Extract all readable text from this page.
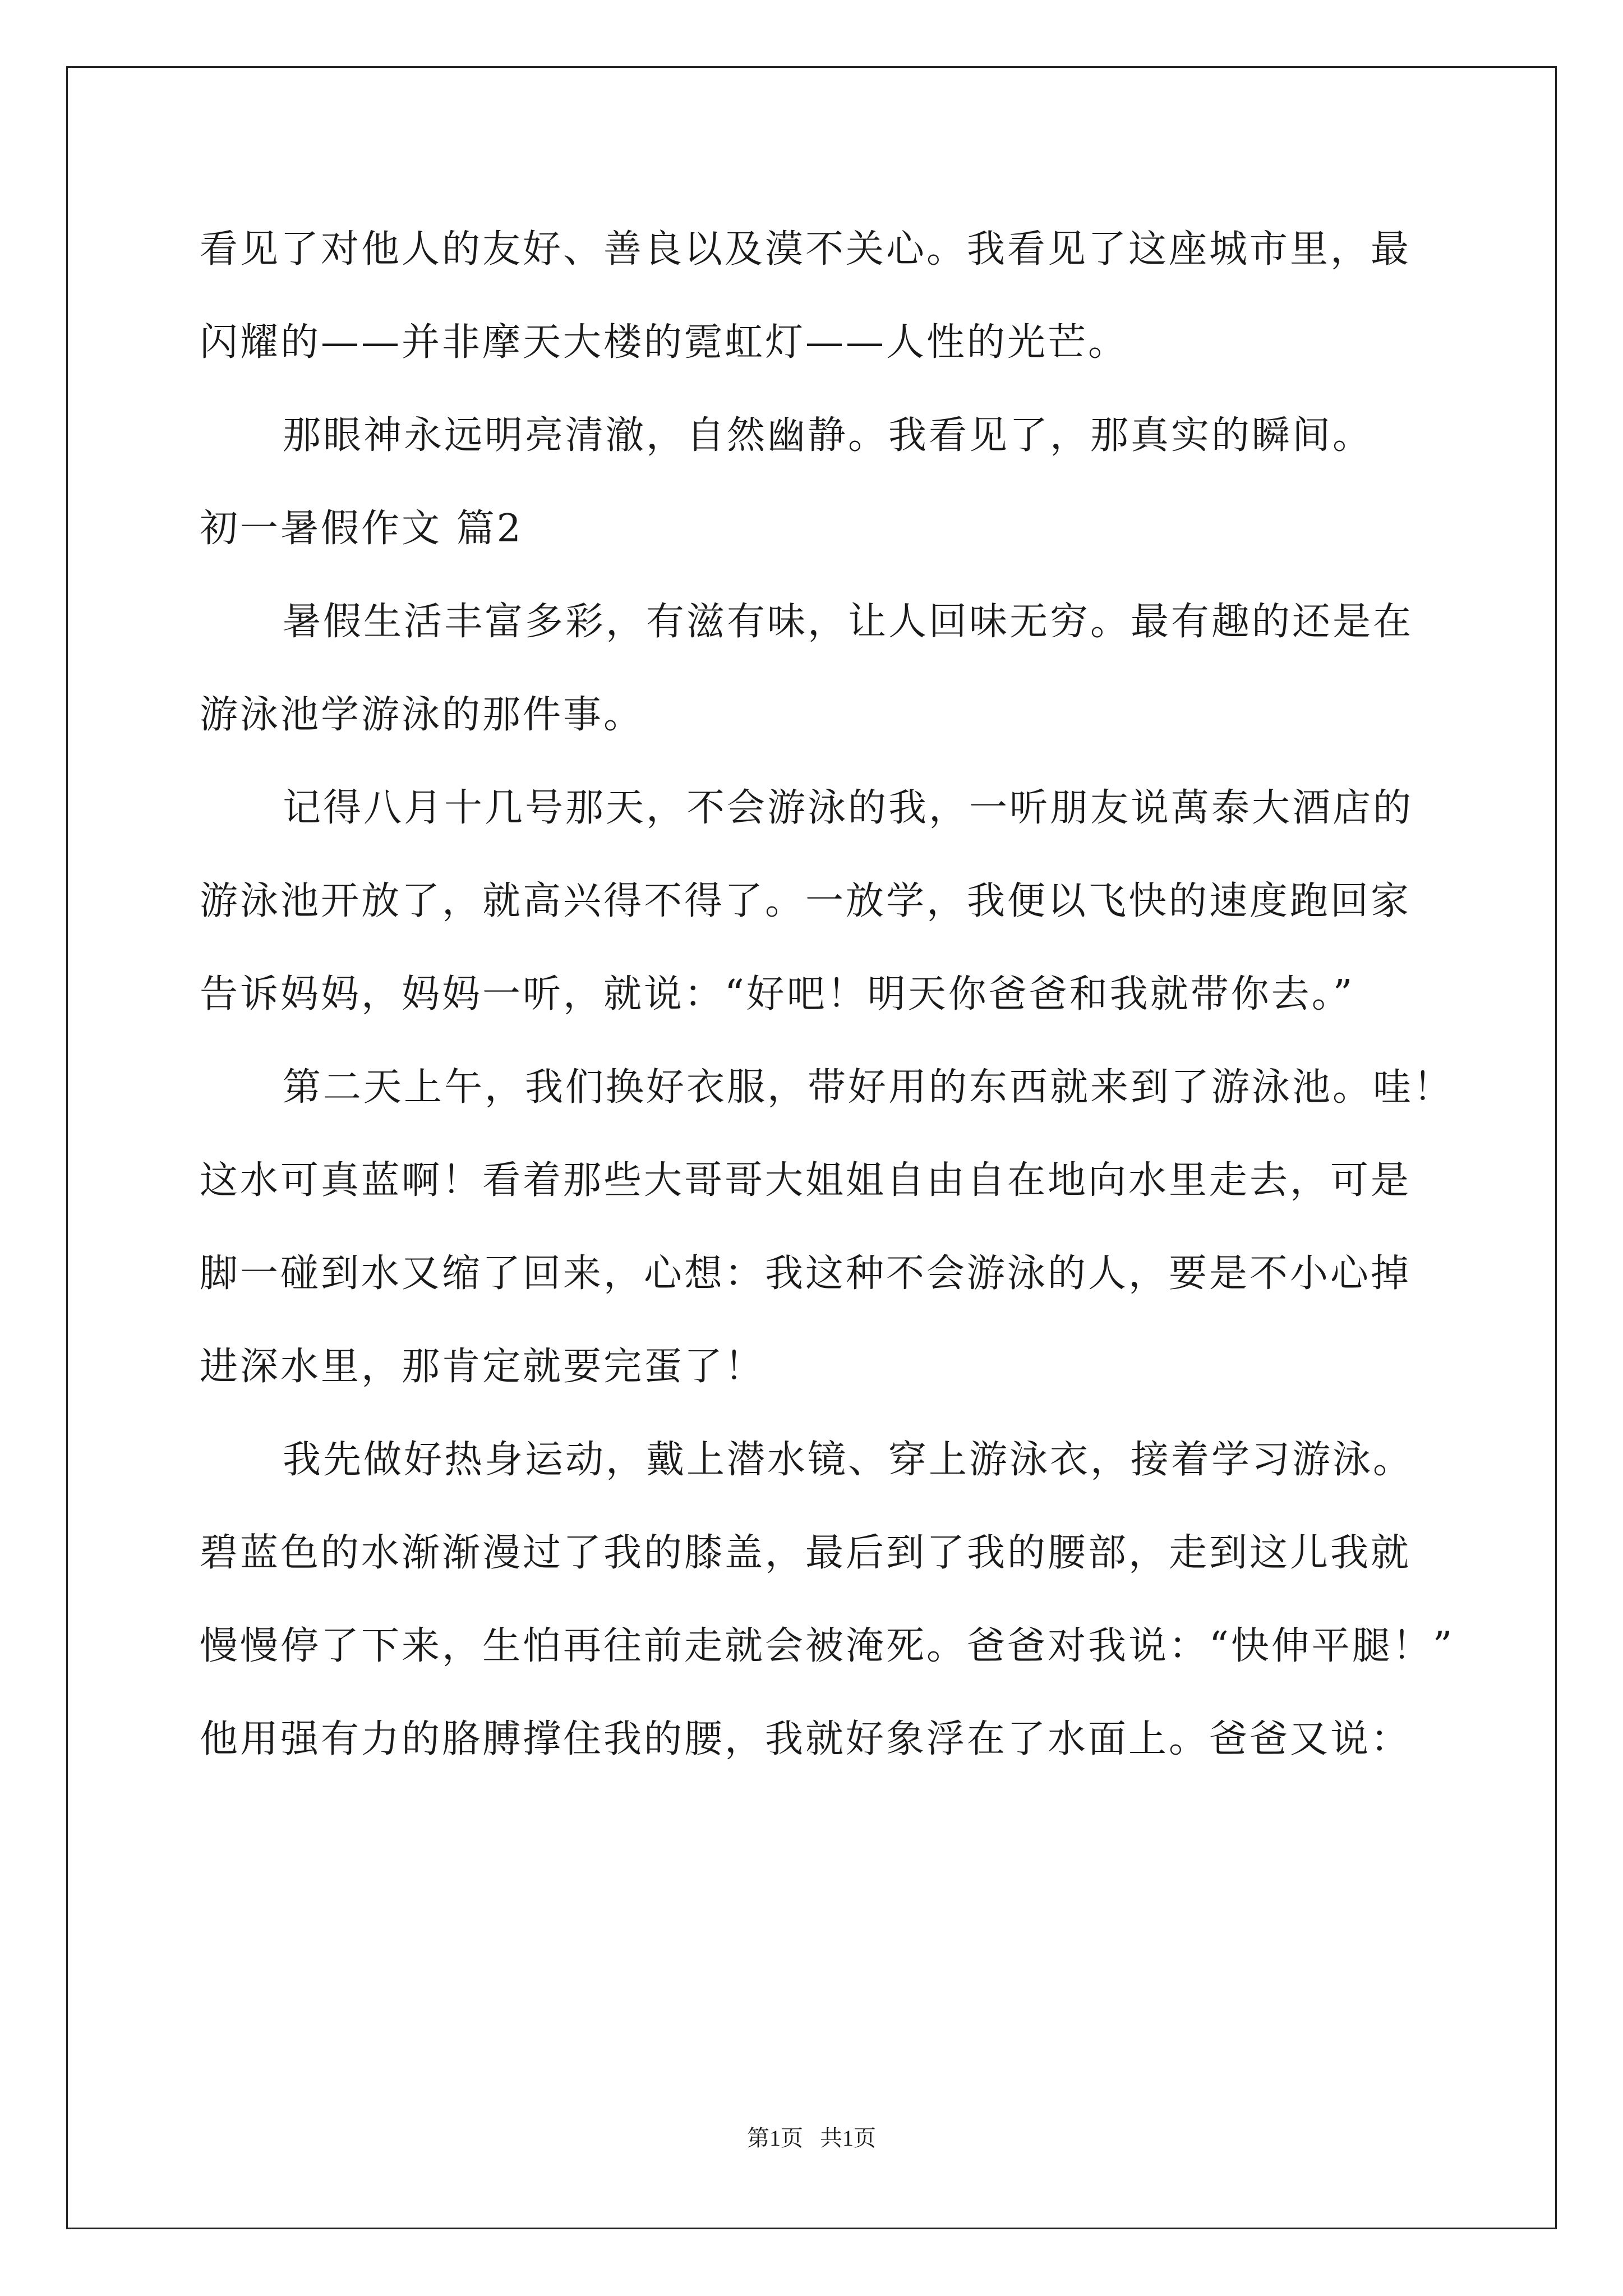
看见了对他人的友好、善良以及漠不关心。我看见了这座城市里，最
闪耀的——并非摩天大楼的霓虹灯——人性的光芒。
那眼神永远明亮清澈，自然幽静。我看见了，那真实的瞬间。
初一暑假作文 篇2
暑假生活丰富多彩，有滋有味，让人回味无穷。最有趣的还是在
游泳池学游泳的那件事。
记得八月十几号那天，不会游泳的我，一听朋友说萬泰大酒店的
游泳池开放了，就高兴得不得了。一放学，我便以飞快的速度跑回家
告诉妈妈，妈妈一听，就说：“好吧！明天你爸爸和我就带你去。”
第二天上午，我们换好衣服，带好用的东西就来到了游泳池。哇！
这水可真蓝啊！看着那些大哥哥大姐姐自由自在地向水里走去，可是
脚一碰到水又缩了回来，心想：我这种不会游泳的人，要是不小心掉
进深水里，那肯定就要完蛋了！
我先做好热身运动，戴上潜水镜、穿上游泳衣，接着学习游泳。
碧蓝色的水渐渐漫过了我的膝盖，最后到了我的腰部，走到这儿我就
慢慢停了下来，生怕再往前走就会被淹死。爸爸对我说：“快伸平腿！”
他用强有力的胳膊撑住我的腰，我就好象浮在了水面上。爸爸又说：
第1页   共1页
